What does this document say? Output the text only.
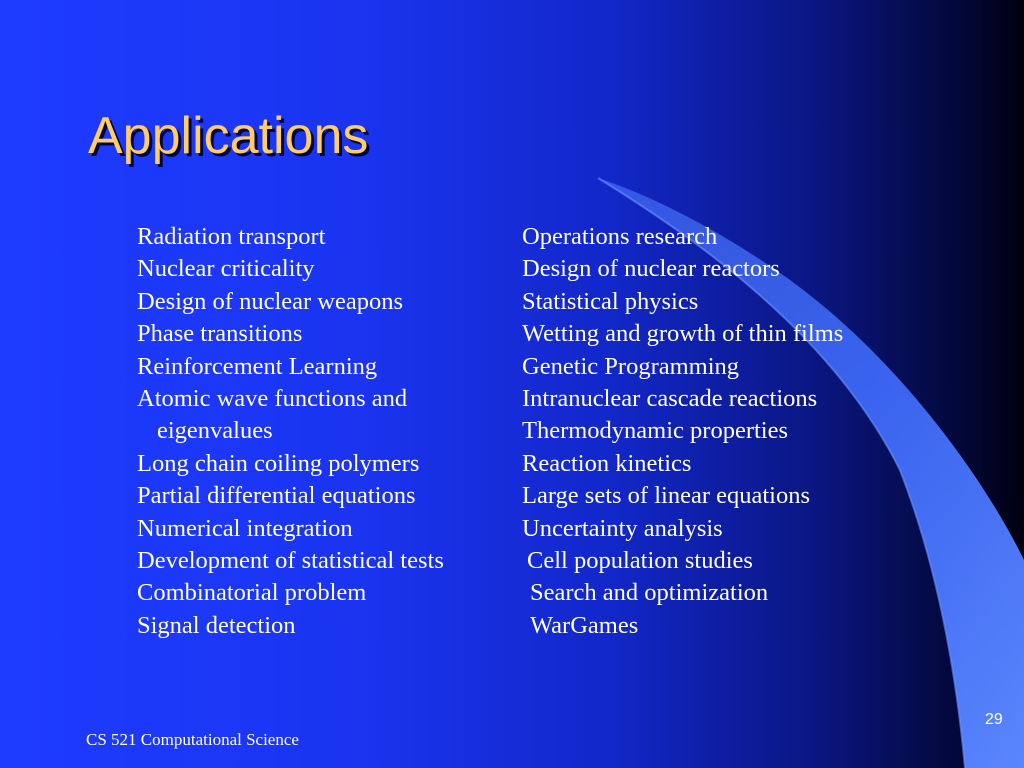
Applications
Radiation transport
Nuclear criticality
Design of nuclear weapons
Phase transitions
Reinforcement Learning
Atomic wave functions and
eigenvalues
Long chain coiling polymers
Partial differential equations
Numerical integration
Development of statistical tests
Combinatorial problem
Signal detection
Operations research
Design of nuclear reactors
Statistical physics
Wetting and growth of thin films
Genetic Programming
Intranuclear cascade reactions
Thermodynamic properties
Reaction kinetics
Large sets of linear equations
Uncertainty analysis
Cell population studies
Search and optimization
WarGames
CS 521 Computational Science
29
